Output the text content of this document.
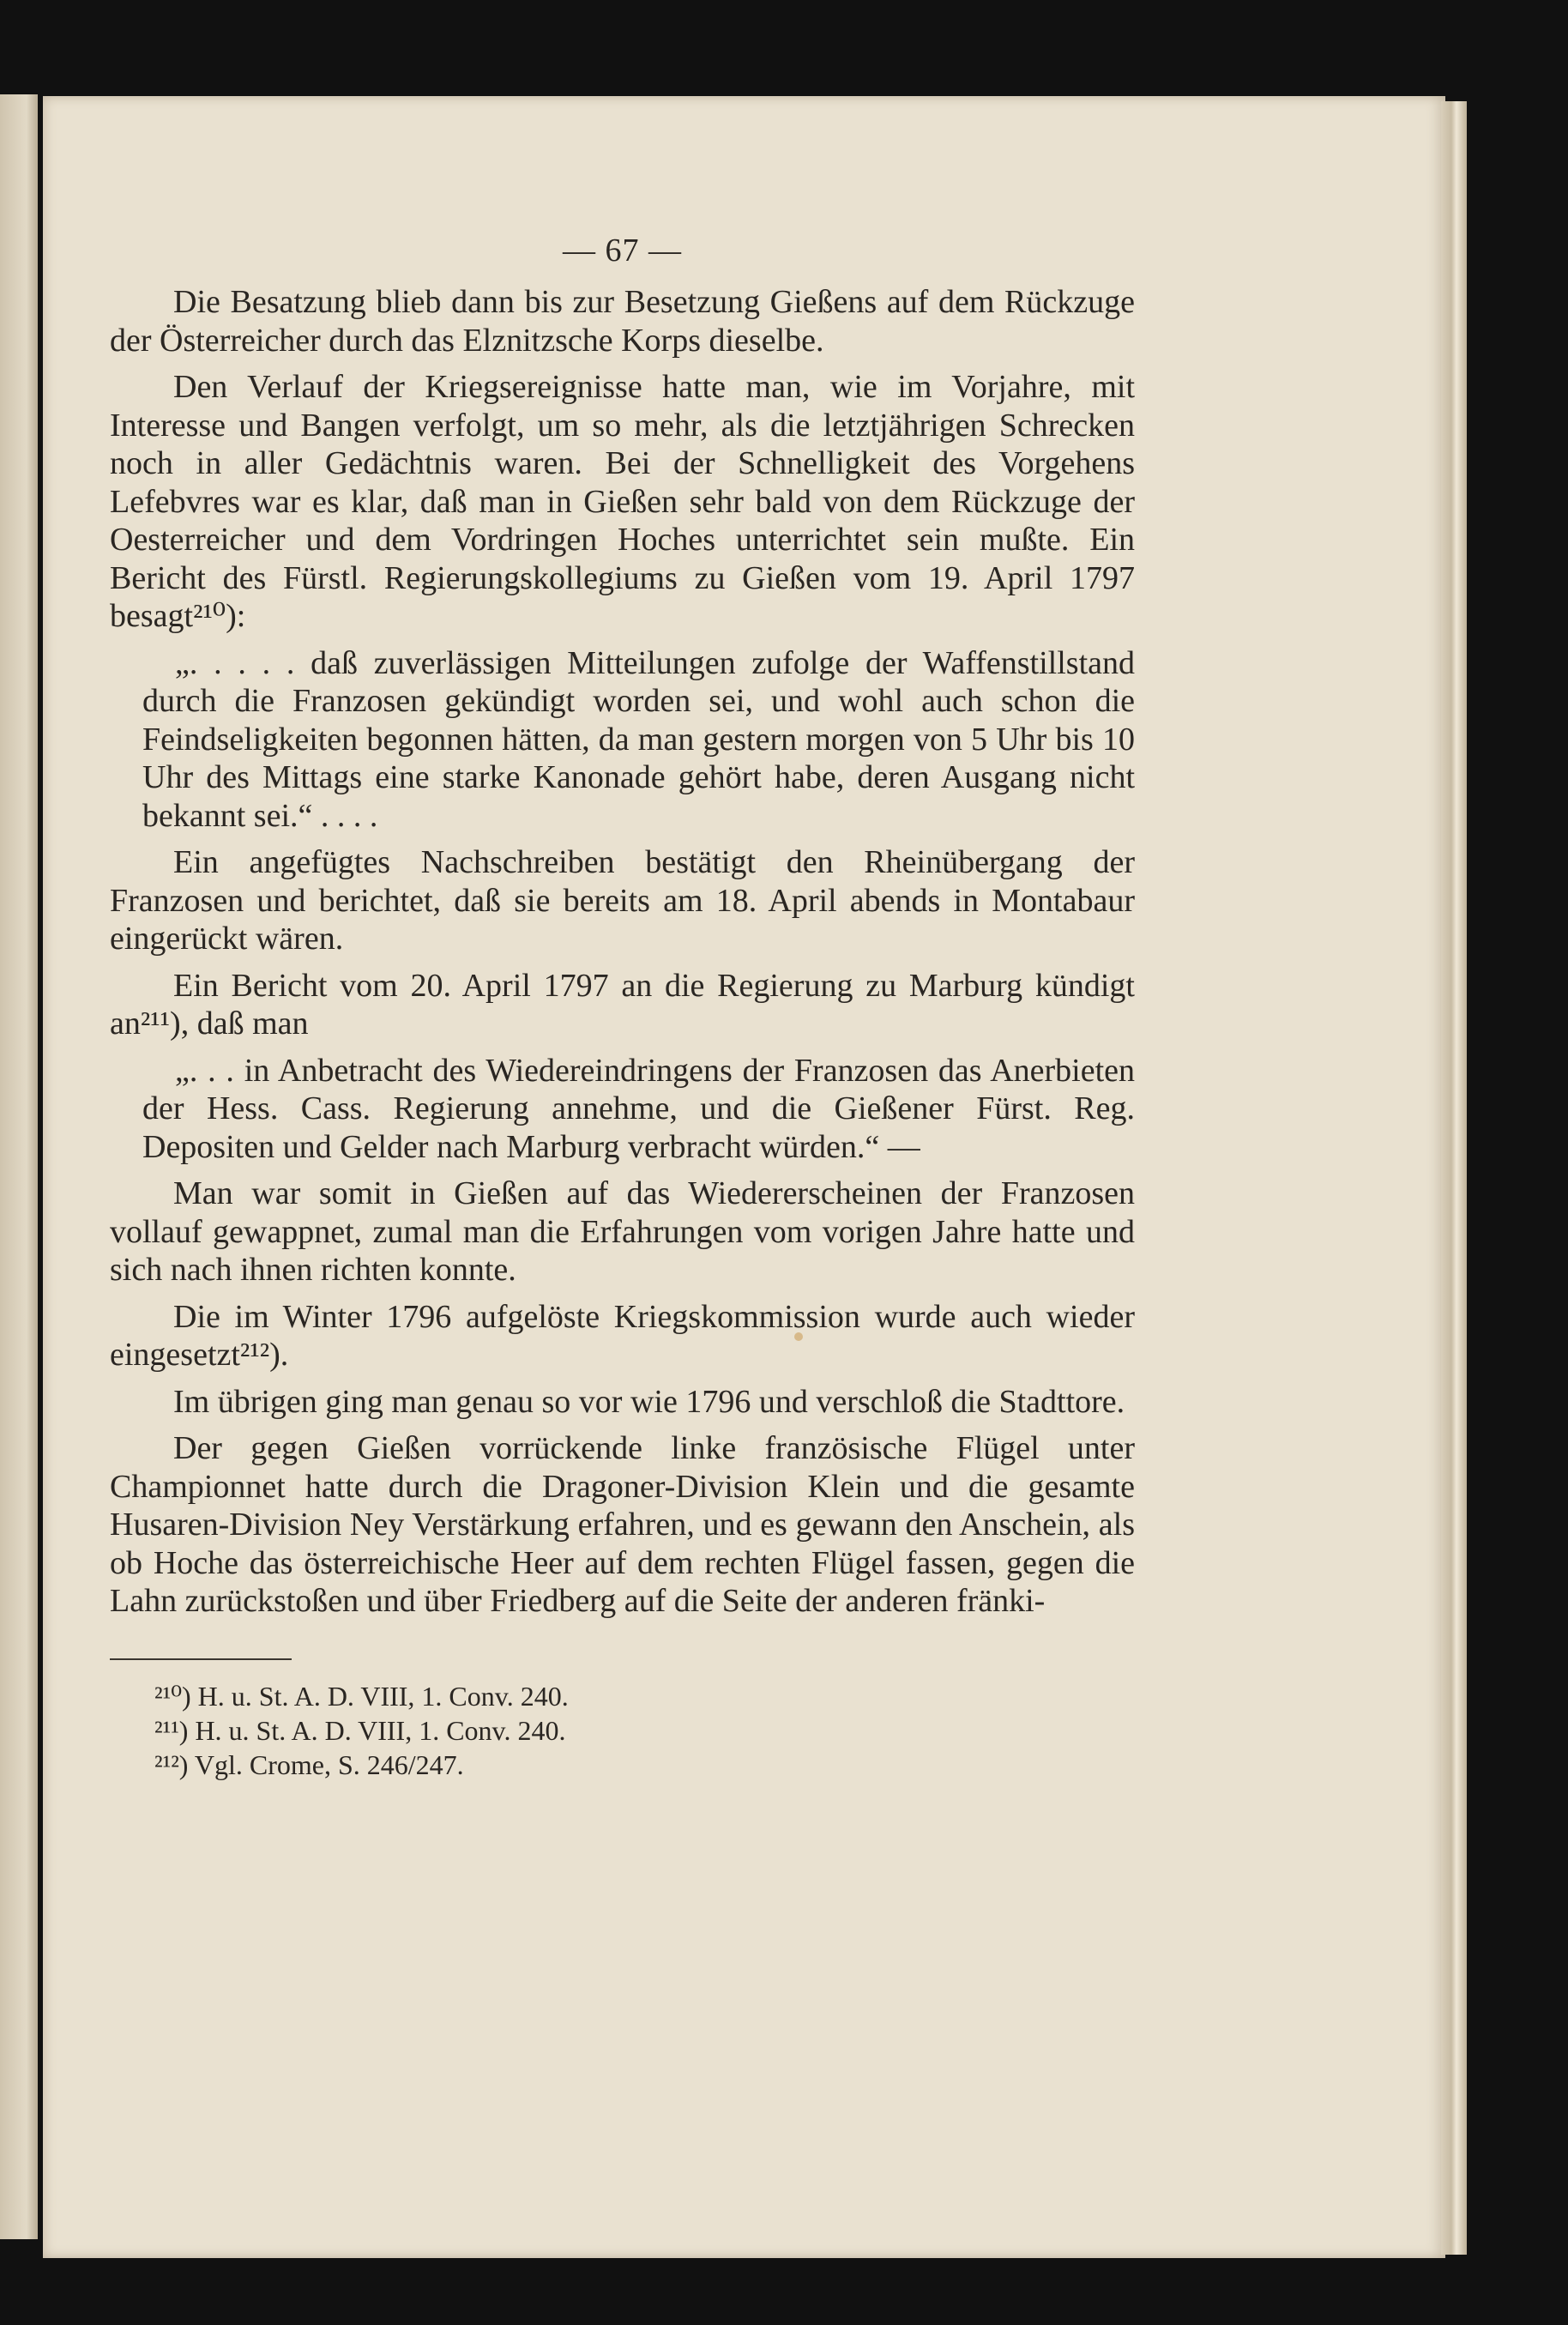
— 67 —

Die Besatzung blieb dann bis zur Besetzung Gießens auf dem Rückzuge der Österreicher durch das Elznitzsche Korps dieselbe.

Den Verlauf der Kriegsereignisse hatte man, wie im Vorjahre, mit Interesse und Bangen verfolgt, um so mehr, als die letztjährigen Schrecken noch in aller Gedächtnis waren. Bei der Schnelligkeit des Vorgehens Lefebvres war es klar, daß man in Gießen sehr bald von dem Rückzuge der Oesterreicher und dem Vordringen Hoches unterrichtet sein mußte. Ein Bericht des Fürstl. Regierungskollegiums zu Gießen vom 19. April 1797 besagt²¹⁰):

„. . . . . daß zuverlässigen Mitteilungen zufolge der Waffenstillstand durch die Franzosen gekündigt worden sei, und wohl auch schon die Feindseligkeiten begonnen hätten, da man gestern morgen von 5 Uhr bis 10 Uhr des Mittags eine starke Kanonade gehört habe, deren Ausgang nicht bekannt sei.“ . . . .

Ein angefügtes Nachschreiben bestätigt den Rheinübergang der Franzosen und berichtet, daß sie bereits am 18. April abends in Montabaur eingerückt wären.

Ein Bericht vom 20. April 1797 an die Regierung zu Marburg kündigt an²¹¹), daß man

„. . . in Anbetracht des Wiedereindringens der Franzosen das Anerbieten der Hess. Cass. Regierung annehme, und die Gießener Fürst. Reg. Depositen und Gelder nach Marburg verbracht würden.“ —

Man war somit in Gießen auf das Wiedererscheinen der Franzosen vollauf gewappnet, zumal man die Erfahrungen vom vorigen Jahre hatte und sich nach ihnen richten konnte.

Die im Winter 1796 aufgelöste Kriegskommission wurde auch wieder eingesetzt²¹²).

Im übrigen ging man genau so vor wie 1796 und verschloß die Stadttore.

Der gegen Gießen vorrückende linke französische Flügel unter Championnet hatte durch die Dragoner-Division Klein und die gesamte Husaren-Division Ney Verstärkung erfahren, und es gewann den Anschein, als ob Hoche das österreichische Heer auf dem rechten Flügel fassen, gegen die Lahn zurückstoßen und über Friedberg auf die Seite der anderen fränki-

²¹⁰) H. u. St. A. D. VIII, 1. Conv. 240.

²¹¹) H. u. St. A. D. VIII, 1. Conv. 240.

²¹²) Vgl. Crome, S. 246/247.
